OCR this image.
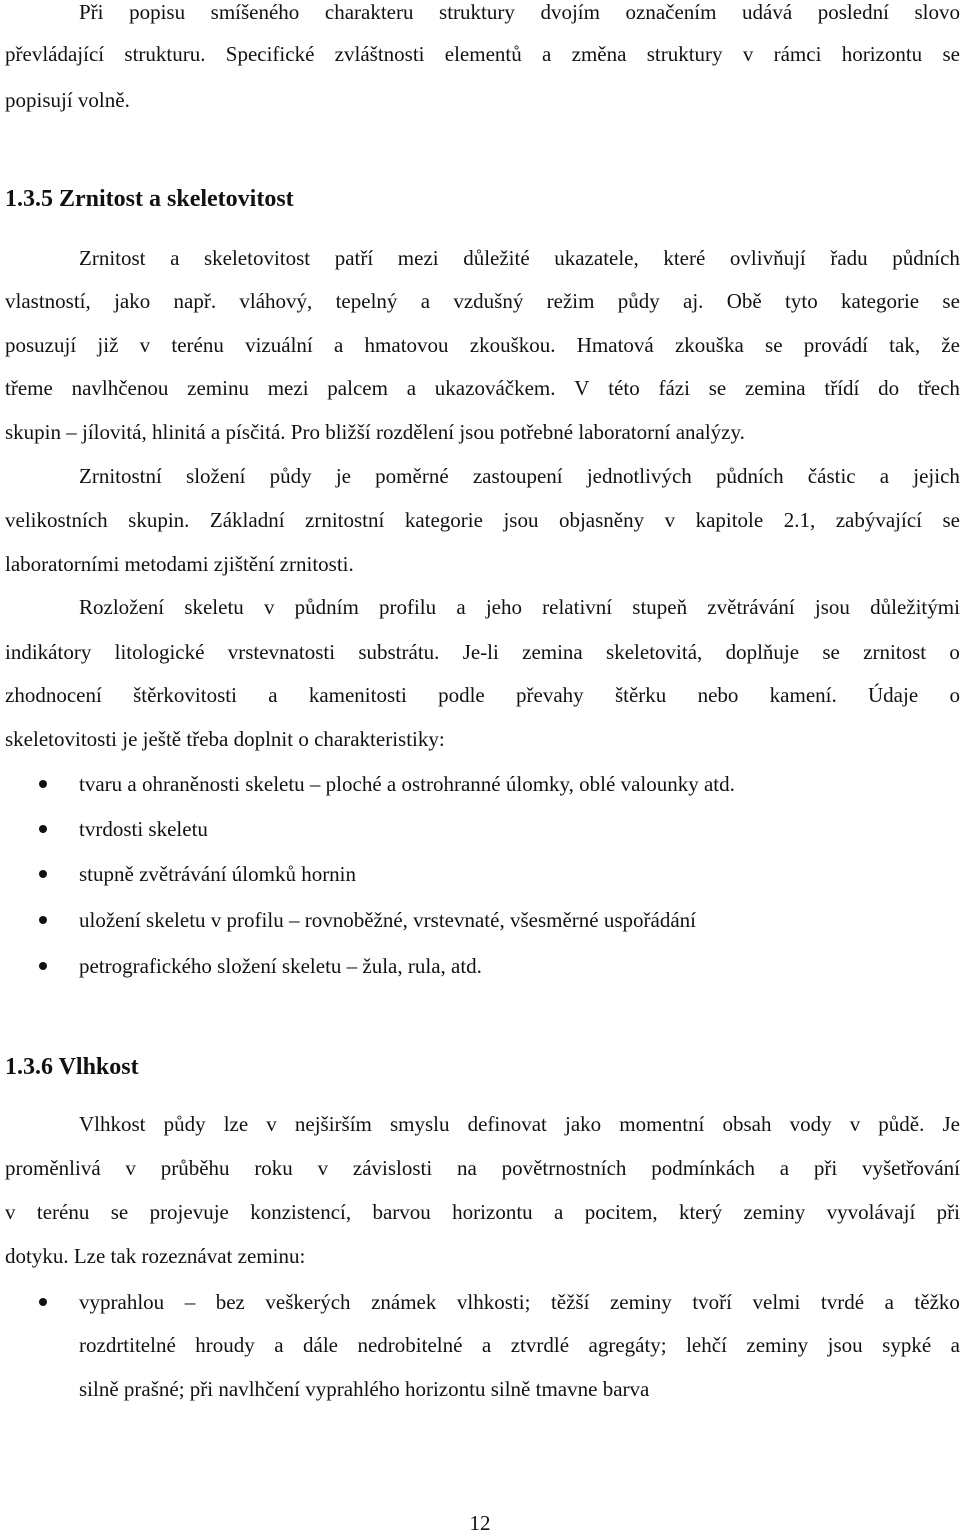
Při popisu smíšeného charakteru struktury dvojím označením udává poslední slovo
převládající strukturu. Specifické zvláštnosti elementů a změna struktury v rámci horizontu se
popisují volně.
1.3.5 Zrnitost a skeletovitost
Zrnitost a skeletovitost patří mezi důležité ukazatele, které ovlivňují řadu půdních
vlastností, jako např. vláhový, tepelný a vzdušný režim půdy aj. Obě tyto kategorie se
posuzují již v terénu vizuální a hmatovou zkouškou. Hmatová zkouška se provádí tak, že
třeme navlhčenou zeminu mezi palcem a ukazováčkem. V této fázi se zemina třídí do třech
skupin – jílovitá, hlinitá a písčitá. Pro bližší rozdělení jsou potřebné laboratorní analýzy.
Zrnitostní složení půdy je poměrné zastoupení jednotlivých půdních částic a jejich
velikostních skupin. Základní zrnitostní kategorie jsou objasněny v kapitole 2.1, zabývající se
laboratorními metodami zjištění zrnitosti.
Rozložení skeletu v půdním profilu a jeho relativní stupeň zvětrávání jsou důležitými
indikátory litologické vrstevnatosti substrátu. Je-li zemina skeletovitá, doplňuje se zrnitost o
zhodnocení štěrkovitosti a kamenitosti podle převahy štěrku nebo kamení. Údaje o
skeletovitosti je ještě třeba doplnit o charakteristiky:
tvaru a ohraněnosti skeletu – ploché a ostrohranné úlomky, oblé valounky atd.
tvrdosti skeletu
stupně zvětrávání úlomků hornin
uložení skeletu v profilu – rovnoběžné, vrstevnaté, všesměrné uspořádání
petrografického složení skeletu – žula, rula, atd.
1.3.6 Vlhkost
Vlhkost půdy lze v nejširším smyslu definovat jako momentní obsah vody v půdě. Je
proměnlivá v průběhu roku v závislosti na povětrnostních podmínkách a při vyšetřování
v terénu se projevuje konzistencí, barvou horizontu a pocitem, který zeminy vyvolávají při
dotyku. Lze tak rozeznávat zeminu:
vyprahlou – bez veškerých známek vlhkosti; těžší zeminy tvoří velmi tvrdé a těžko
rozdrtitelné hroudy a dále nedrobitelné a ztvrdlé agregáty; lehčí zeminy jsou sypké a
silně prašné; při navlhčení vyprahlého horizontu silně tmavne barva
12
